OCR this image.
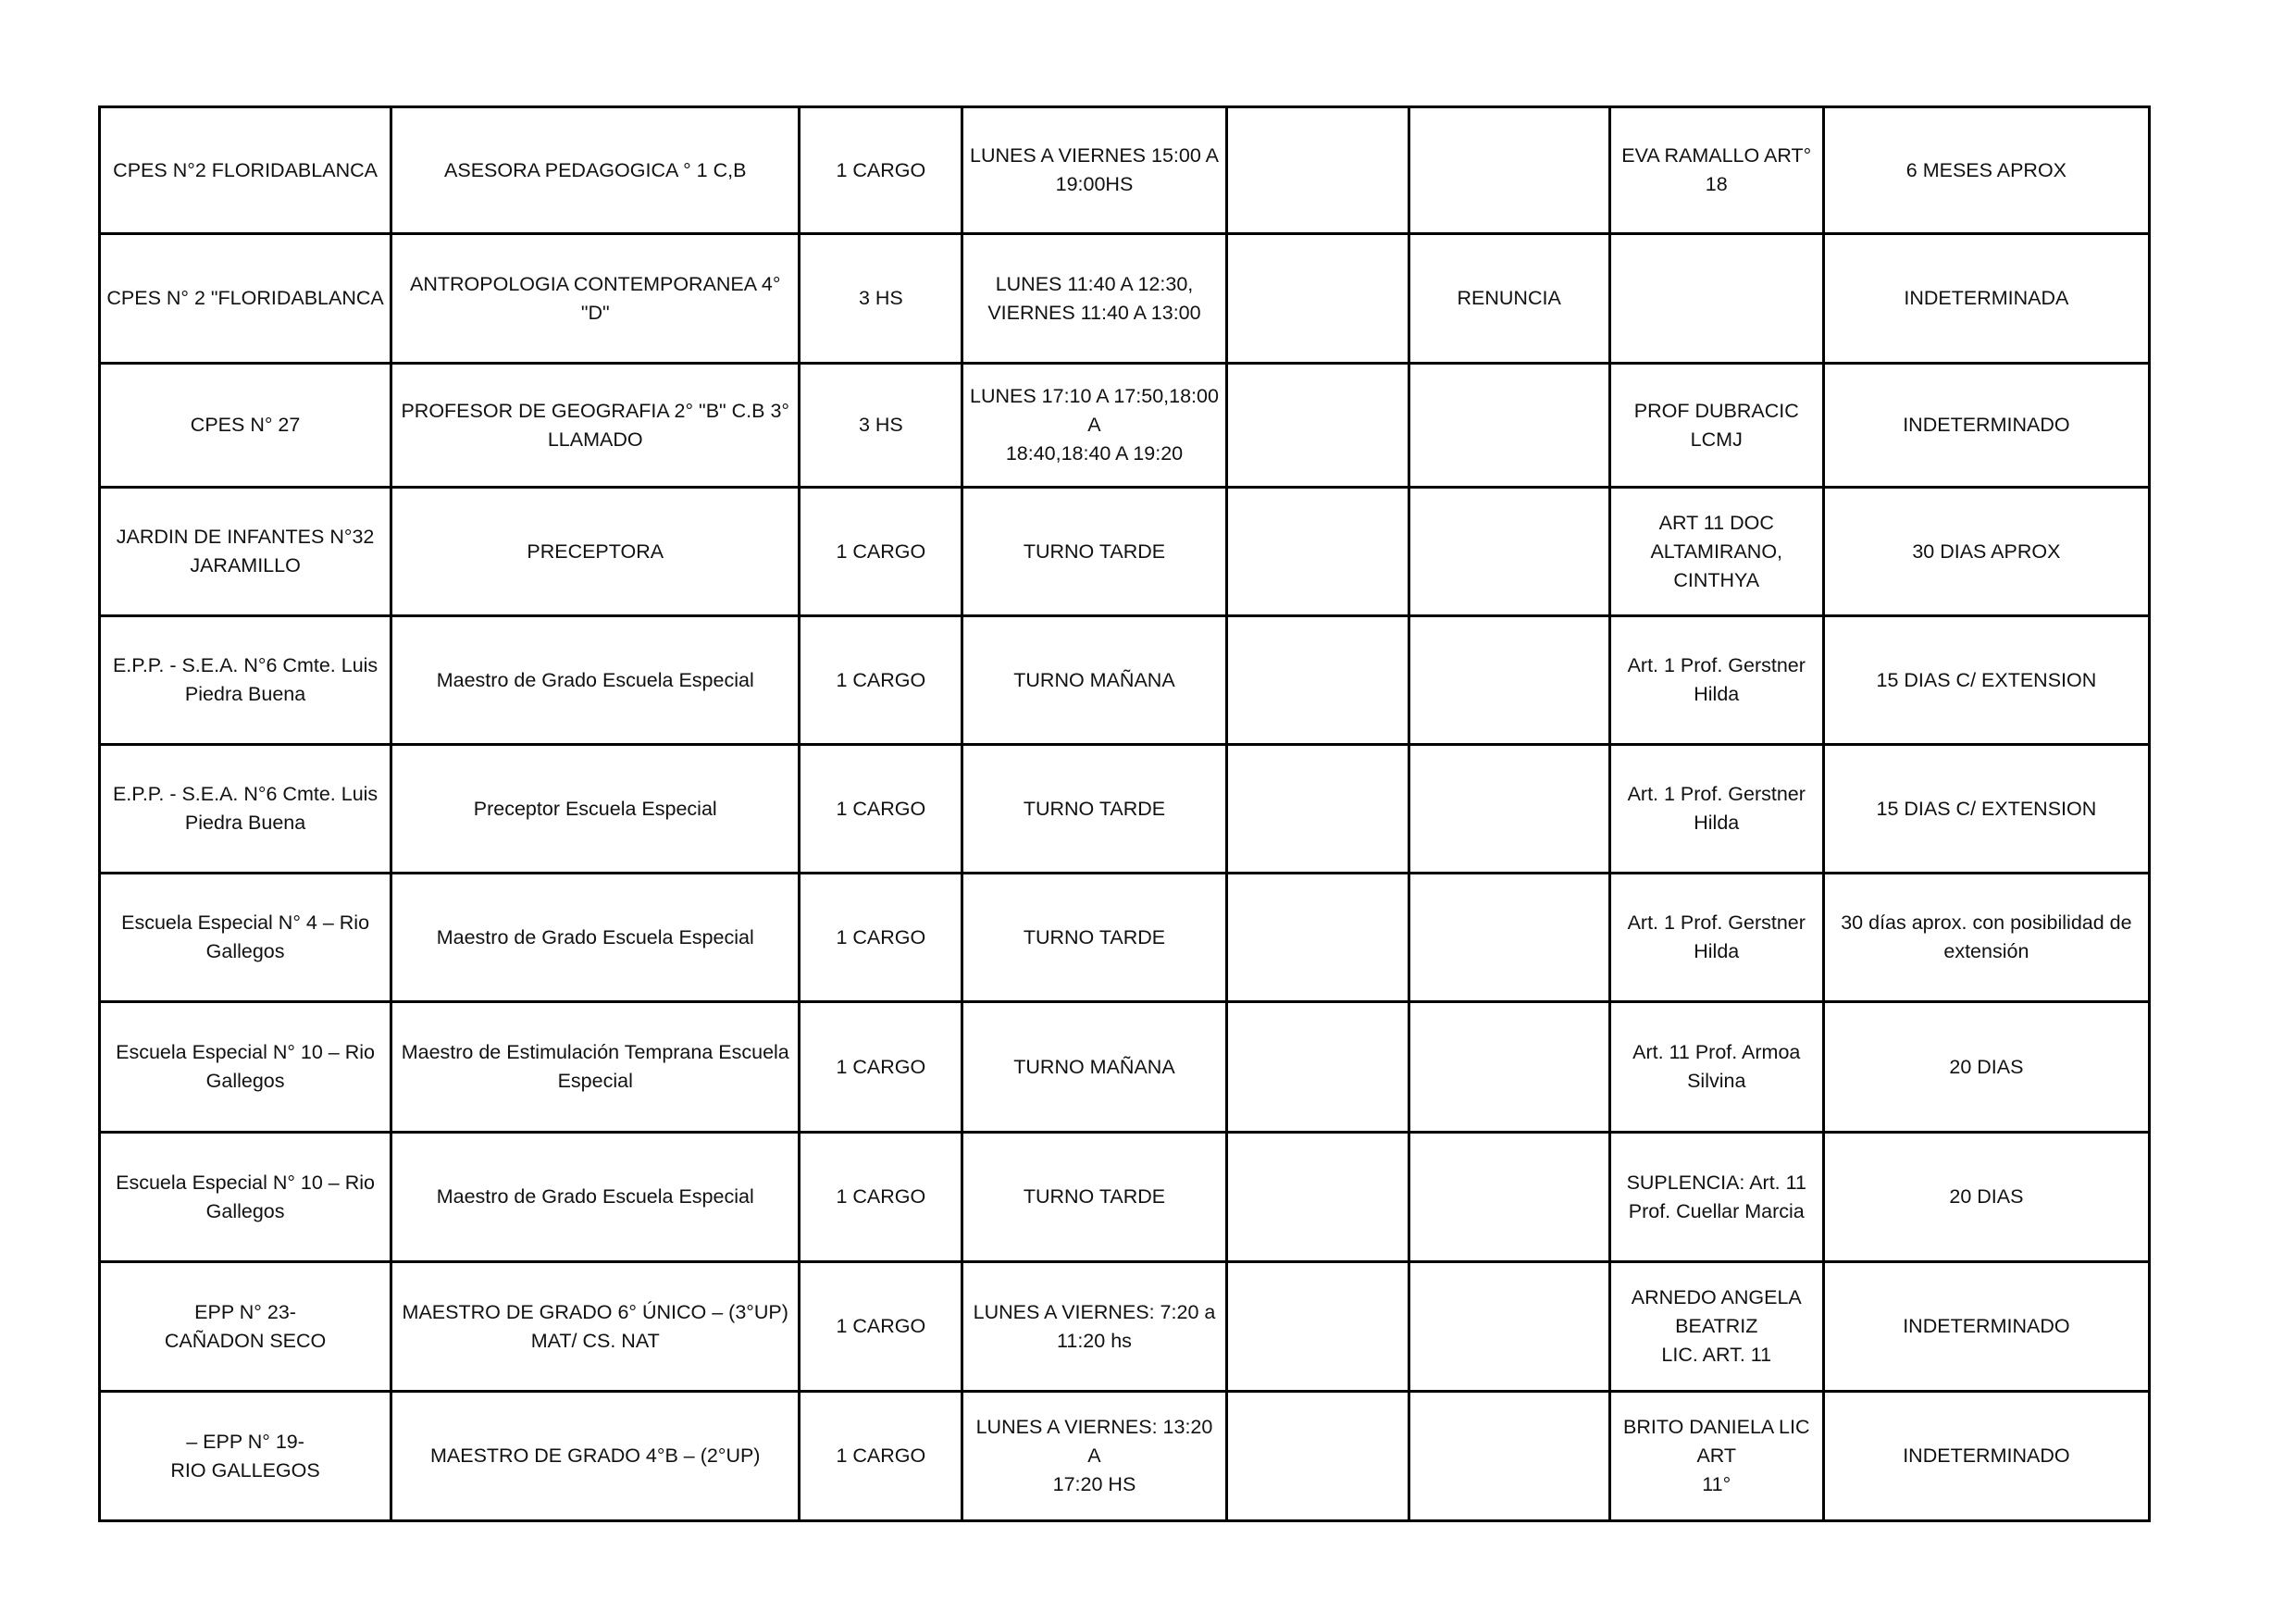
CPES N°2 FLORIDABLANCA	ASESORA PEDAGOGICA ° 1 C,B	1 CARGO	LUNES A VIERNES 15:00 A
19:00HS			EVA RAMALLO ART° 18	6 MESES APROX
CPES N° 2 "FLORIDABLANCA	ANTROPOLOGIA CONTEMPORANEA 4° "D"	3 HS	LUNES 11:40 A 12:30,
VIERNES 11:40 A 13:00		RENUNCIA		INDETERMINADA
CPES N° 27	PROFESOR DE GEOGRAFIA 2° "B" C.B 3°
LLAMADO	3 HS	LUNES 17:10 A 17:50,18:00 A
18:40,18:40 A 19:20			PROF DUBRACIC LCMJ	INDETERMINADO
JARDIN DE INFANTES N°32
JARAMILLO	PRECEPTORA	1 CARGO	TURNO TARDE			ART 11 DOC
ALTAMIRANO,
CINTHYA	30 DIAS APROX
E.P.P. - S.E.A. N°6 Cmte. Luis
Piedra Buena	Maestro de Grado Escuela Especial	1 CARGO	TURNO MAÑANA			Art. 1 Prof. Gerstner
Hilda	15 DIAS C/ EXTENSION
E.P.P. - S.E.A. N°6 Cmte. Luis
Piedra Buena	Preceptor Escuela Especial	1 CARGO	TURNO TARDE			Art. 1 Prof. Gerstner
Hilda	15 DIAS C/ EXTENSION
Escuela Especial N° 4 – Rio
Gallegos	Maestro de Grado Escuela Especial	1 CARGO	TURNO TARDE			Art. 1 Prof. Gerstner
Hilda	30 días aprox. con posibilidad de
extensión
Escuela Especial N° 10 – Rio
Gallegos	Maestro de Estimulación Temprana Escuela
Especial	1 CARGO	TURNO MAÑANA			Art. 11 Prof. Armoa
Silvina	20 DIAS
Escuela Especial N° 10 – Rio
Gallegos	Maestro de Grado Escuela Especial	1 CARGO	TURNO TARDE			SUPLENCIA: Art. 11
Prof. Cuellar Marcia	20 DIAS
EPP N° 23-
CAÑADON SECO	MAESTRO DE GRADO 6° ÚNICO – (3°UP)
MAT/ CS. NAT	1 CARGO	LUNES A VIERNES: 7:20 a
11:20 hs			ARNEDO ANGELA
BEATRIZ
LIC. ART. 11	INDETERMINADO
– EPP N° 19-
RIO GALLEGOS	MAESTRO DE GRADO 4°B – (2°UP)	1 CARGO	LUNES A VIERNES: 13:20 A
17:20 HS			BRITO DANIELA LIC ART
11°	INDETERMINADO
